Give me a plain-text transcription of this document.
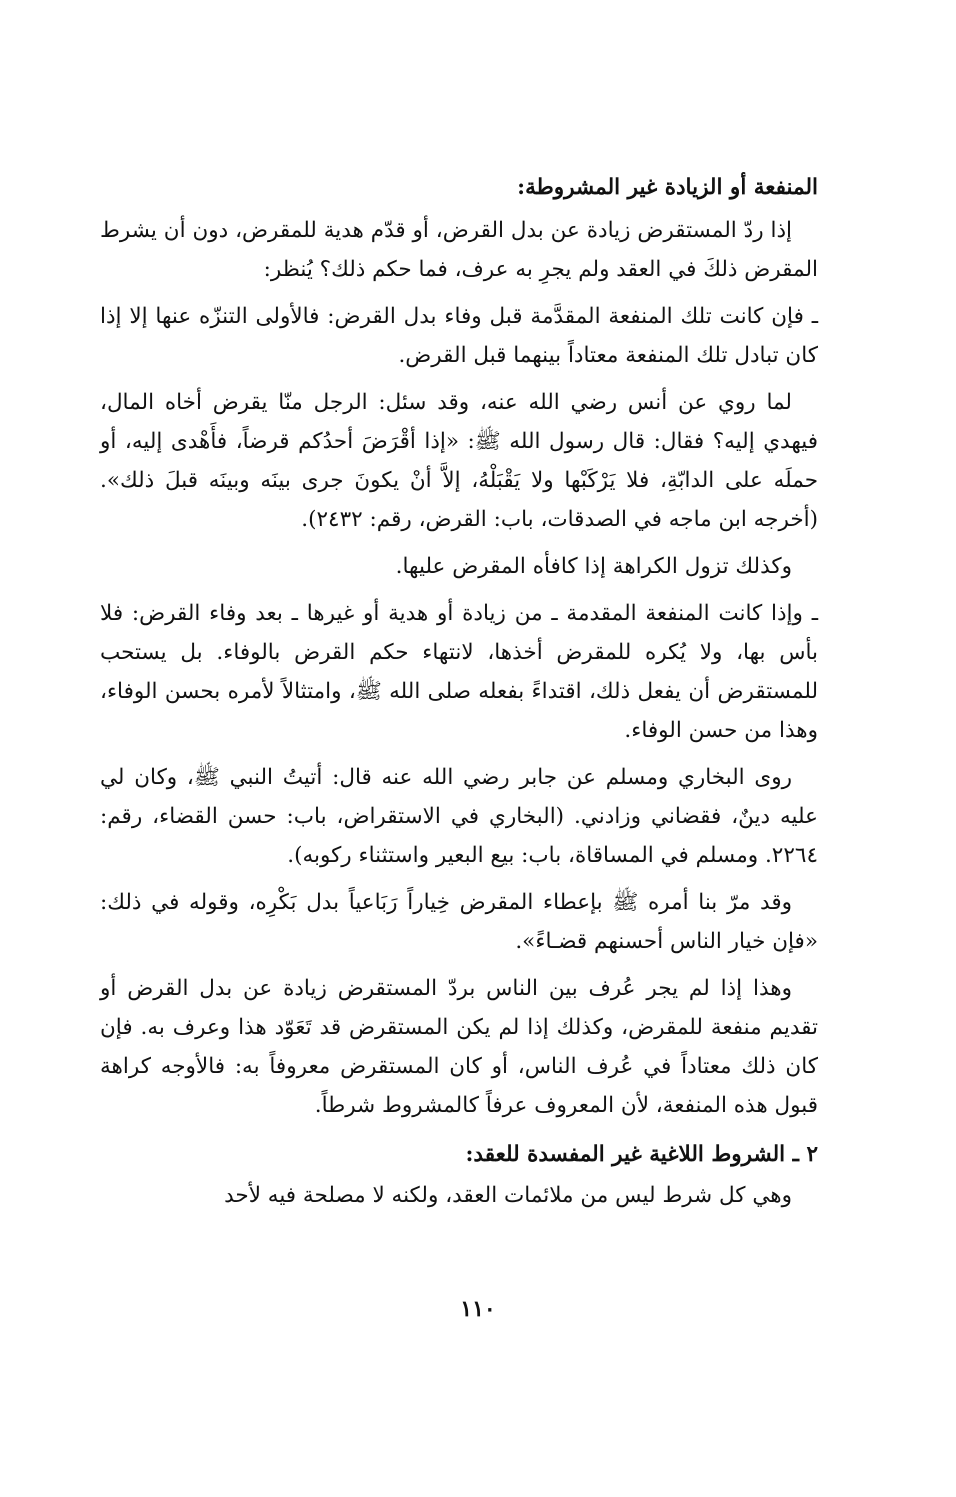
المنفعة أو الزيادة غير المشروطة:

إذا ردّ المستقرض زيادة عن بدل القرض، أو قدّم هدية للمقرض، دون أن يشرط المقرض ذلكَ في العقد ولم يجرِ به عرف، فما حكم ذلك؟ يُنظر:

ـ فإن كانت تلك المنفعة المقدَّمة قبل وفاء بدل القرض: فالأولى التنزّه عنها إلا إذا كان تبادل تلك المنفعة معتاداً بينهما قبل القرض.

لما روي عن أنس رضي الله عنه، وقد سئل: الرجل منّا يقرض أخاه المال، فيهدي إليه؟ فقال: قال رسول الله ﷺ: «إذا أقْرَضَ أحدُكم قرضاً، فأَهْدى إليه، أو حملَه على الدابّةِ، فلا يَرْكَبْها ولا يَقْبَلْهُ، إلاَّ أنْ يكونَ جرى بينَه وبينَه قبلَ ذلك». (أخرجه ابن ماجه في الصدقات، باب: القرض، رقم: ٢٤٣٢).

وكذلك تزول الكراهة إذا كافأه المقرض عليها.

ـ وإذا كانت المنفعة المقدمة ـ من زيادة أو هدية أو غيرها ـ بعد وفاء القرض: فلا بأس بها، ولا يُكره للمقرض أخذها، لانتهاء حكم القرض بالوفاء. بل يستحب للمستقرض أن يفعل ذلك، اقتداءً بفعله صلى الله ﷺ، وامتثالاً لأمره بحسن الوفاء، وهذا من حسن الوفاء.

روى البخاري ومسلم عن جابر رضي الله عنه قال: أتيتُ النبي ﷺ، وكان لي عليه دينٌ، فقضاني وزادني. (البخاري في الاستقراض، باب: حسن القضاء، رقم: ٢٢٦٤. ومسلم في المساقاة، باب: بيع البعير واستثناء ركوبه).

وقد مرّ بنا أمره ﷺ بإعطاء المقرض خِياراً رَبَاعياً بدل بَكْرِه، وقوله في ذلك: «فإن خيار الناس أحسنهم قضـاءً».

وهذا إذا لم يجر عُرف بين الناس بردّ المستقرض زيادة عن بدل القرض أو تقديم منفعة للمقرض، وكذلك إذا لم يكن المستقرض قد تَعَوّد هذا وعرف به. فإن كان ذلك معتاداً في عُرف الناس، أو كان المستقرض معروفاً به: فالأوجه كراهة قبول هذه المنفعة، لأن المعروف عرفاً كالمشروط شرطاً.

٢ ـ الشروط اللاغية غير المفسدة للعقد:

وهي كل شرط ليس من ملائمات العقد، ولكنه لا مصلحة فيه لأحد

١١٠
